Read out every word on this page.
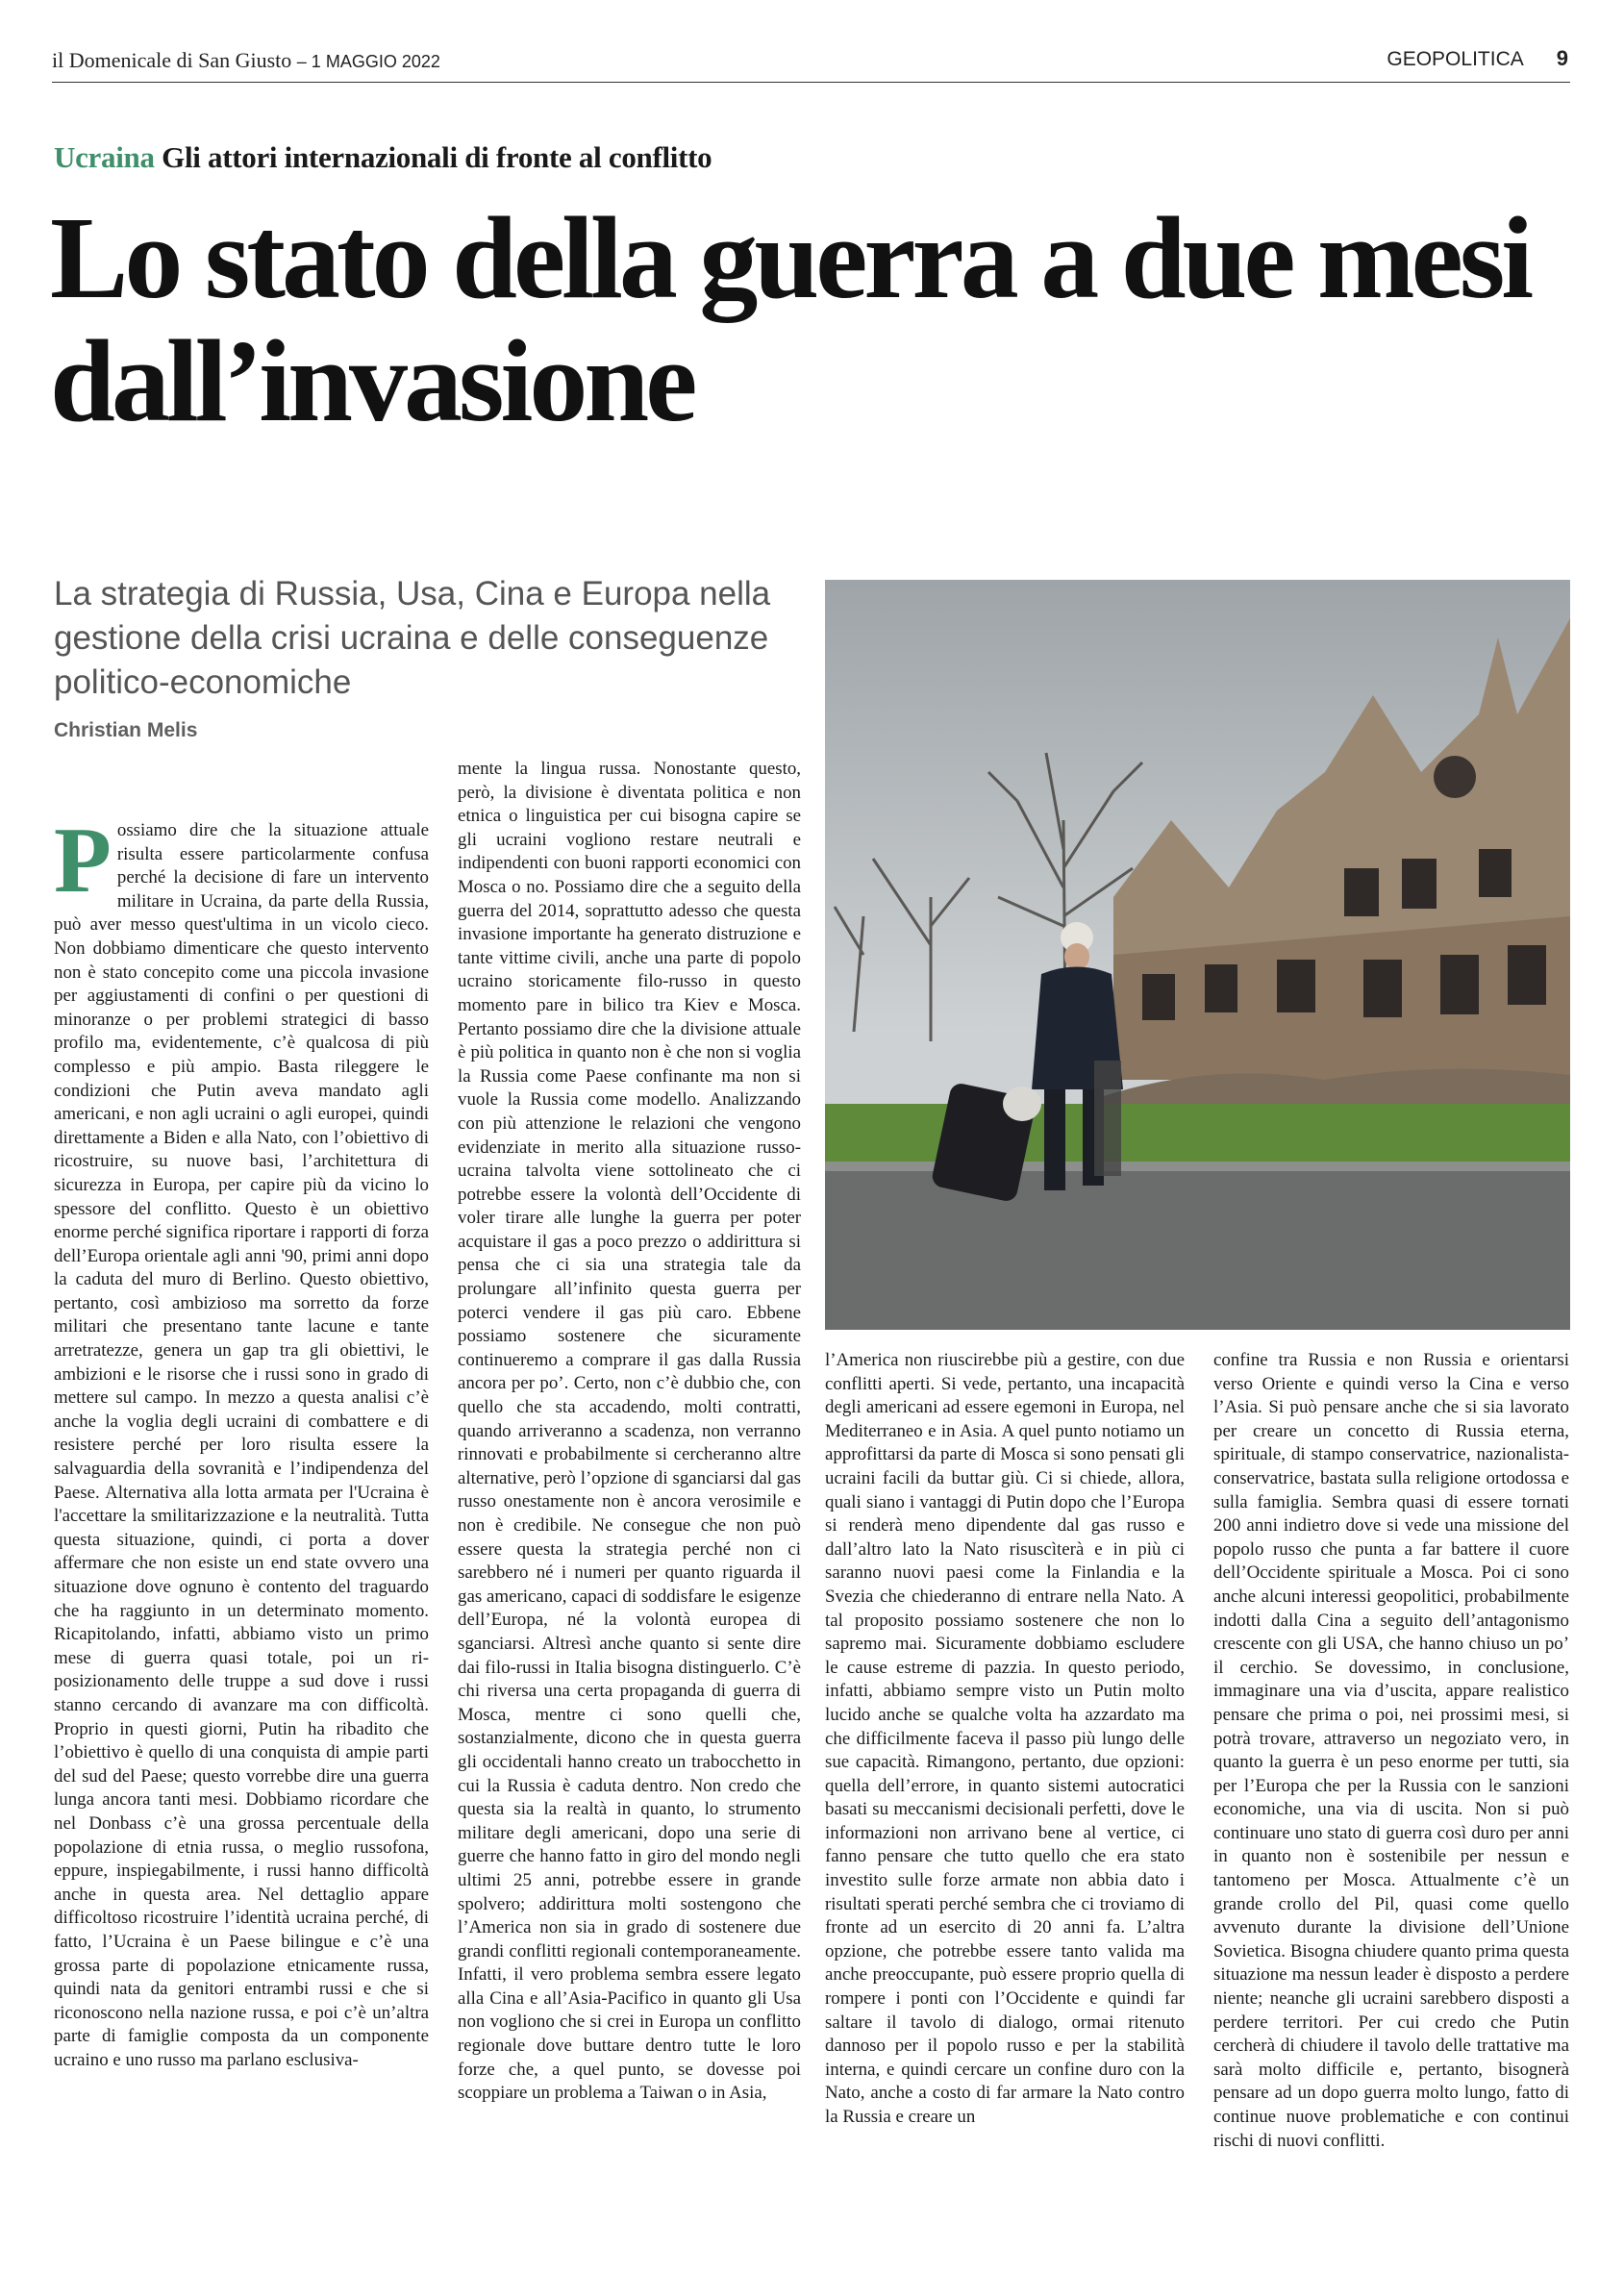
il Domenicale di San Giusto – 1 MAGGIO 2022	GEOPOLITICA 9
Ucraina Gli attori internazionali di fronte al conflitto
Lo stato della guerra a due mesi dall’invasione

La strategia di Russia, Usa, Cina e Europa nella gestione della crisi ucraina e delle conseguenze politico-economiche

Christian Melis

Possiamo dire che la situazione attuale risulta essere particolarmente confusa perché la decisione di fare un intervento militare in Ucraina, da parte della Russia, può aver messo quest'ultima in un vicolo cieco. Non dobbiamo dimenticare che questo intervento non è stato concepito come una piccola invasione per aggiustamenti di confini o per questioni di minoranze o per problemi strategici di basso profilo ma, evidentemente, c’è qualcosa di più complesso e più ampio. Basta rileggere le condizioni che Putin aveva mandato agli americani, e non agli ucraini o agli europei, quindi direttamente a Biden e alla Nato, con l’obiettivo di ricostruire, su nuove basi, l’architettura di sicurezza in Europa, per capire più da vicino lo spessore del conflitto. Questo è un obiettivo enorme perché significa riportare i rapporti di forza dell’Europa orientale agli anni '90, primi anni dopo la caduta del muro di Berlino. Questo obiettivo, pertanto, così ambizioso ma sorretto da forze militari che presentano tante lacune e tante arretratezze, genera un gap tra gli obiettivi, le ambizioni e le risorse che i russi sono in grado di mettere sul campo. In mezzo a questa analisi c’è anche la voglia degli ucraini di combattere e di resistere perché per loro risulta essere la salvaguardia della sovranità e l’indipendenza del Paese. Alternativa alla lotta armata per l'Ucraina è l'accettare la smilitarizzazione e la neutralità. Tutta questa situazione, quindi, ci porta a dover affermare che non esiste un end state ovvero una situazione dove ognuno è contento del traguardo che ha raggiunto in un determinato momento. Ricapitolando, infatti, abbiamo visto un primo mese di guerra quasi totale, poi un ri-posizionamento delle truppe a sud dove i russi stanno cercando di avanzare ma con difficoltà. Proprio in questi giorni, Putin ha ribadito che l’obiettivo è quello di una conquista di ampie parti del sud del Paese; questo vorrebbe dire una guerra lunga ancora tanti mesi. Dobbiamo ricordare che nel Donbass c’è una grossa percentuale della popolazione di etnia russa, o meglio russofona, eppure, inspiegabilmente, i russi hanno difficoltà anche in questa area. Nel dettaglio appare difficoltoso ricostruire l’identità ucraina perché, di fatto, l’Ucraina è un Paese bilingue e c’è una grossa parte di popolazione etnicamente russa, quindi nata da genitori entrambi russi e che si riconoscono nella nazione russa, e poi c’è un’altra parte di famiglie composta da un componente ucraino e uno russo ma parlano esclusiva-

mente la lingua russa. Nonostante questo, però, la divisione è diventata politica e non etnica o linguistica per cui bisogna capire se gli ucraini vogliono restare neutrali e indipendenti con buoni rapporti economici con Mosca o no. Possiamo dire che a seguito della guerra del 2014, soprattutto adesso che questa invasione importante ha generato distruzione e tante vittime civili, anche una parte di popolo ucraino storicamente filo-russo in questo momento pare in bilico tra Kiev e Mosca. Pertanto possiamo dire che la divisione attuale è più politica in quanto non è che non si voglia la Russia come Paese confinante ma non si vuole la Russia come modello. Analizzando con più attenzione le relazioni che vengono evidenziate in merito alla situazione russo-ucraina talvolta viene sottolineato che ci potrebbe essere la volontà dell’Occidente di voler tirare alle lunghe la guerra per poter acquistare il gas a poco prezzo o addirittura si pensa che ci sia una strategia tale da prolungare all’infinito questa guerra per poterci vendere il gas più caro. Ebbene possiamo sostenere che sicuramente continueremo a comprare il gas dalla Russia ancora per po’. Certo, non c’è dubbio che, con quello che sta accadendo, molti contratti, quando arriveranno a scadenza, non verranno rinnovati e probabilmente si cercheranno altre alternative, però l’opzione di sganciarsi dal gas russo onestamente non è ancora verosimile e non è credibile. Ne consegue che non può essere questa la strategia perché non ci sarebbero né i numeri per quanto riguarda il gas americano, capaci di soddisfare le esigenze dell’Europa, né la volontà europea di sganciarsi. Altresì anche quanto si sente dire dai filo-russi in Italia bisogna distinguerlo. C’è chi riversa una certa propaganda di guerra di Mosca, mentre ci sono quelli che, sostanzialmente, dicono che in questa guerra gli occidentali hanno creato un trabocchetto in cui la Russia è caduta dentro. Non credo che questa sia la realtà in quanto, lo strumento militare degli americani, dopo una serie di guerre che hanno fatto in giro del mondo negli ultimi 25 anni, potrebbe essere in grande spolvero; addirittura molti sostengono che l’America non sia in grado di sostenere due grandi conflitti regionali contemporaneamente. Infatti, il vero problema sembra essere legato alla Cina e all’Asia-Pacifico in quanto gli Usa non vogliono che si crei in Europa un conflitto regionale dove buttare dentro tutte le loro forze che, a quel punto, se dovesse poi scoppiare un problema a Taiwan o in Asia,

l’America non riuscirebbe più a gestire, con due conflitti aperti. Si vede, pertanto, una incapacità degli americani ad essere egemoni in Europa, nel Mediterraneo e in Asia. A quel punto notiamo un approfittarsi da parte di Mosca si sono pensati gli ucraini facili da buttar giù. Ci si chiede, allora, quali siano i vantaggi di Putin dopo che l’Europa si renderà meno dipendente dal gas russo e dall’altro lato la Nato risuscìterà e in più ci saranno nuovi paesi come la Finlandia e la Svezia che chiederanno di entrare nella Nato. A tal proposito possiamo sostenere che non lo sapremo mai. Sicuramente dobbiamo escludere le cause estreme di pazzia. In questo periodo, infatti, abbiamo sempre visto un Putin molto lucido anche se qualche volta ha azzardato ma che difficilmente faceva il passo più lungo delle sue capacità. Rimangono, pertanto, due opzioni: quella dell’errore, in quanto sistemi autocratici basati su meccanismi decisionali perfetti, dove le informazioni non arrivano bene al vertice, ci fanno pensare che tutto quello che era stato investito sulle forze armate non abbia dato i risultati sperati perché sembra che ci troviamo di fronte ad un esercito di 20 anni fa. L’altra opzione, che potrebbe essere tanto valida ma anche preoccupante, può essere proprio quella di rompere i ponti con l’Occidente e quindi far saltare il tavolo di dialogo, ormai ritenuto dannoso per il popolo russo e per la stabilità interna, e quindi cercare un confine duro con la Nato, anche a costo di far armare la Nato contro la Russia e creare un

confine tra Russia e non Russia e orientarsi verso Oriente e quindi verso la Cina e verso l’Asia. Si può pensare anche che si sia lavorato per creare un concetto di Russia eterna, spirituale, di stampo conservatrice, nazionalista-conservatrice, bastata sulla religione ortodossa e sulla famiglia. Sembra quasi di essere tornati 200 anni indietro dove si vede una missione del popolo russo che punta a far battere il cuore dell’Occidente spirituale a Mosca. Poi ci sono anche alcuni interessi geopolitici, probabilmente indotti dalla Cina a seguito dell’antagonismo crescente con gli USA, che hanno chiuso un po’ il cerchio. Se dovessimo, in conclusione, immaginare una via d’uscita, appare realistico pensare che prima o poi, nei prossimi mesi, si potrà trovare, attraverso un negoziato vero, in quanto la guerra è un peso enorme per tutti, sia per l’Europa che per la Russia con le sanzioni economiche, una via di uscita. Non si può continuare uno stato di guerra così duro per anni in quanto non è sostenibile per nessun e tantomeno per Mosca. Attualmente c’è un grande crollo del Pil, quasi come quello avvenuto durante la divisione dell’Unione Sovietica. Bisogna chiudere quanto prima questa situazione ma nessun leader è disposto a perdere niente; neanche gli ucraini sarebbero disposti a perdere territori. Per cui credo che Putin cercherà di chiudere il tavolo delle trattative ma sarà molto difficile e, pertanto, bisognerà pensare ad un dopo guerra molto lungo, fatto di continue nuove problematiche e con continui rischi di nuovi conflitti.
